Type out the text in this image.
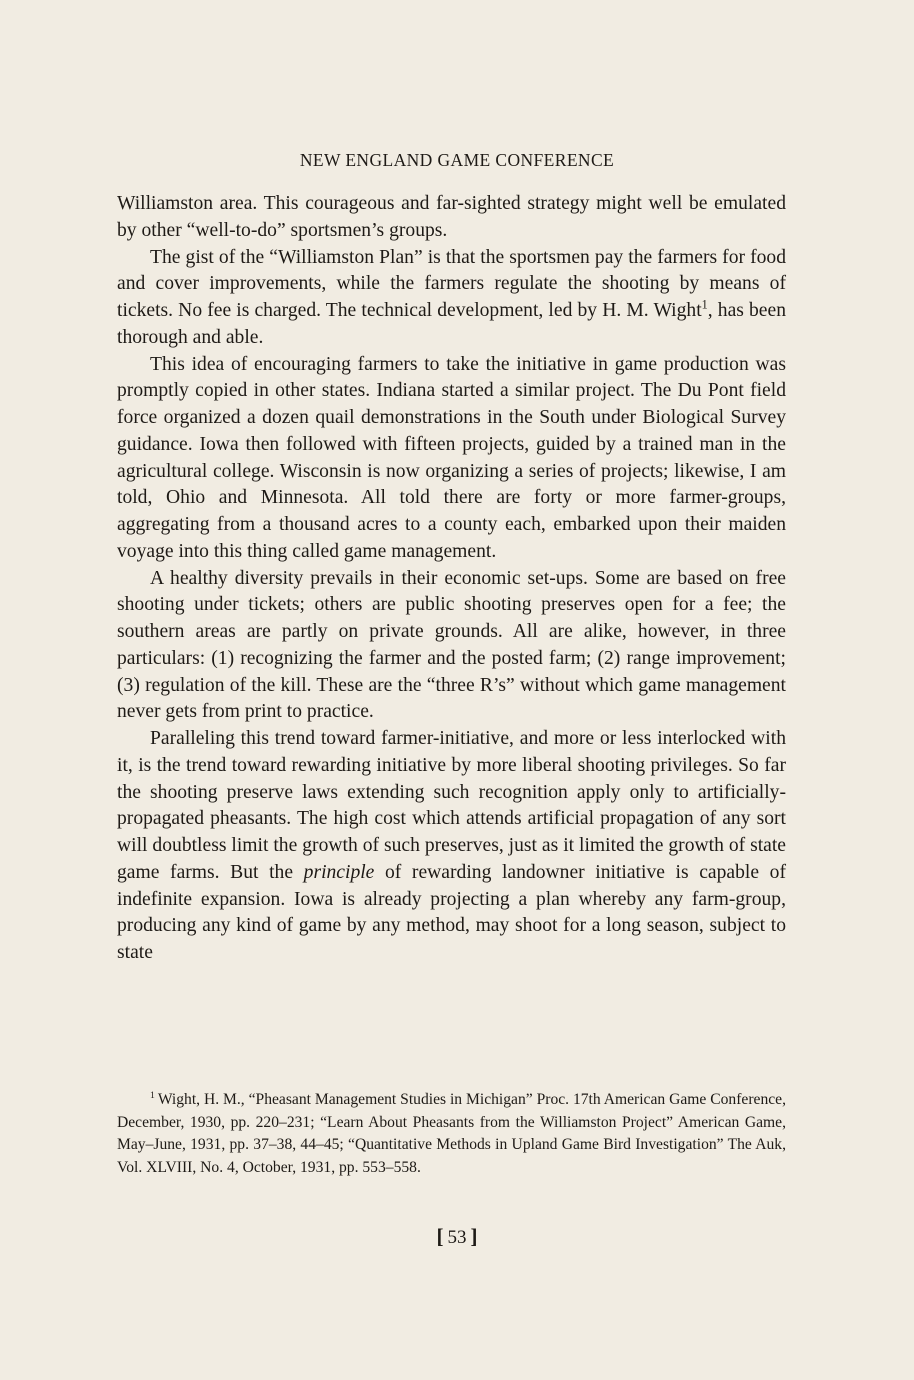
NEW ENGLAND GAME CONFERENCE

Williamston area. This courageous and far-sighted strategy might well be emulated by other “well-to-do” sportsmen’s groups.

The gist of the “Williamston Plan” is that the sportsmen pay the farmers for food and cover improvements, while the farmers regulate the shooting by means of tickets. No fee is charged. The technical development, led by H. M. Wight$^1$, has been thorough and able.

This idea of encouraging farmers to take the initiative in game production was promptly copied in other states. Indiana started a similar project. The Du Pont field force organized a dozen quail demonstrations in the South under Biological Survey guidance. Iowa then followed with fifteen projects, guided by a trained man in the agricultural college. Wisconsin is now organizing a series of projects; likewise, I am told, Ohio and Minnesota. All told there are forty or more farmer-groups, aggregating from a thousand acres to a county each, embarked upon their maiden voyage into this thing called game management.

A healthy diversity prevails in their economic set-ups. Some are based on free shooting under tickets; others are public shooting preserves open for a fee; the southern areas are partly on private grounds. All are alike, however, in three particulars: (1) recognizing the farmer and the posted farm; (2) range improvement; (3) regulation of the kill. These are the “three R’s” without which game management never gets from print to practice.

Paralleling this trend toward farmer-initiative, and more or less interlocked with it, is the trend toward rewarding initiative by more liberal shooting privileges. So far the shooting preserve laws extending such recognition apply only to artificially-propagated pheasants. The high cost which attends artificial propagation of any sort will doubtless limit the growth of such preserves, just as it limited the growth of state game farms. But the principle of rewarding landowner initiative is capable of indefinite expansion. Iowa is already projecting a plan whereby any farm-group, producing any kind of game by any method, may shoot for a long season, subject to state

$^1$ Wight, H. M., “Pheasant Management Studies in Michigan” Proc. 17th American Game Conference, December, 1930, pp. 220–231; “Learn About Pheasants from the Williamston Project” American Game, May–June, 1931, pp. 37–38, 44–45; “Quantitative Methods in Upland Game Bird Investigation” The Auk, Vol. XLVIII, No. 4, October, 1931, pp. 553–558.

[ 53 ]
